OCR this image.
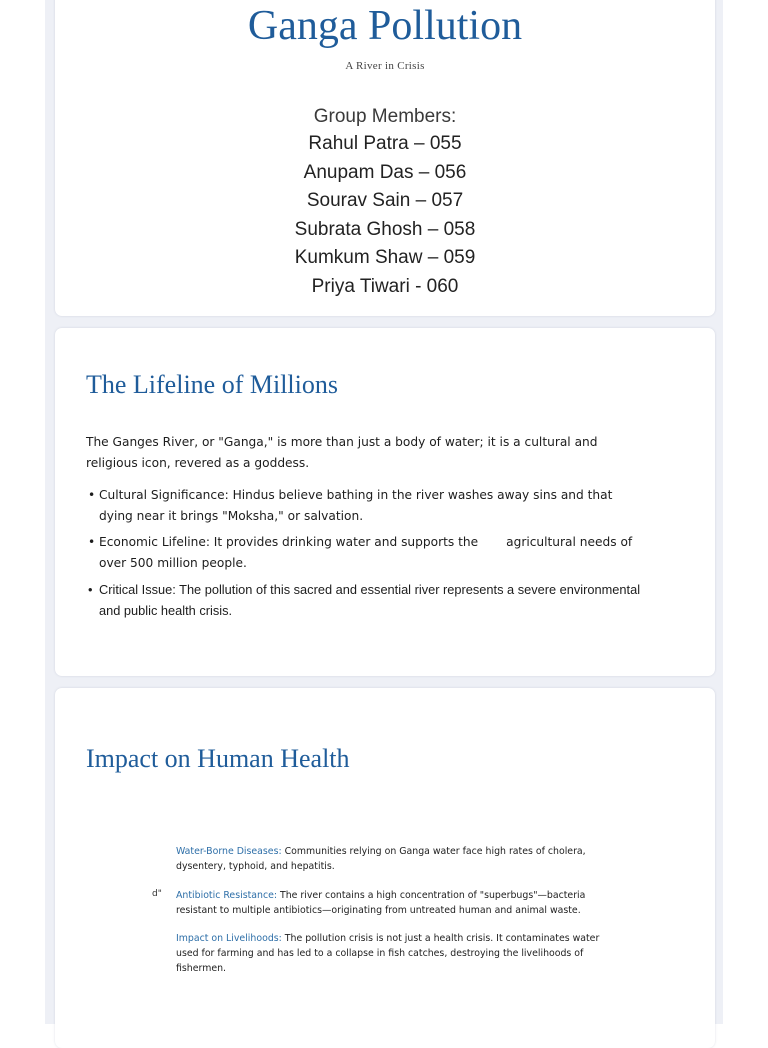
Ganga Pollution
A River in Crisis
Group Members:
Rahul Patra – 055
Anupam Das – 056
Sourav Sain – 057
Subrata Ghosh – 058
Kumkum Shaw – 059
Priya Tiwari - 060
The Lifeline of Millions
The Ganges River, or "Ganga," is more than just a body of water; it is a cultural and religious icon, revered as a goddess.
• Cultural Significance: Hindus believe bathing in the river washes away sins and that dying near it brings "Moksha," or salvation.
• Economic Lifeline: It provides drinking water and supports the agricultural needs of over 500 million people.
• Critical Issue: The pollution of this sacred and essential river represents a severe environmental and public health crisis.
Impact on Human Health
Water-Borne Diseases: Communities relying on Ganga water face high rates of cholera, dysentery, typhoid, and hepatitis.
d" Antibiotic Resistance: The river contains a high concentration of "superbugs"—bacteria resistant to multiple antibiotics—originating from untreated human and animal waste.
Impact on Livelihoods: The pollution crisis is not just a health crisis. It contaminates water used for farming and has led to a collapse in fish catches, destroying the livelihoods of fishermen.
